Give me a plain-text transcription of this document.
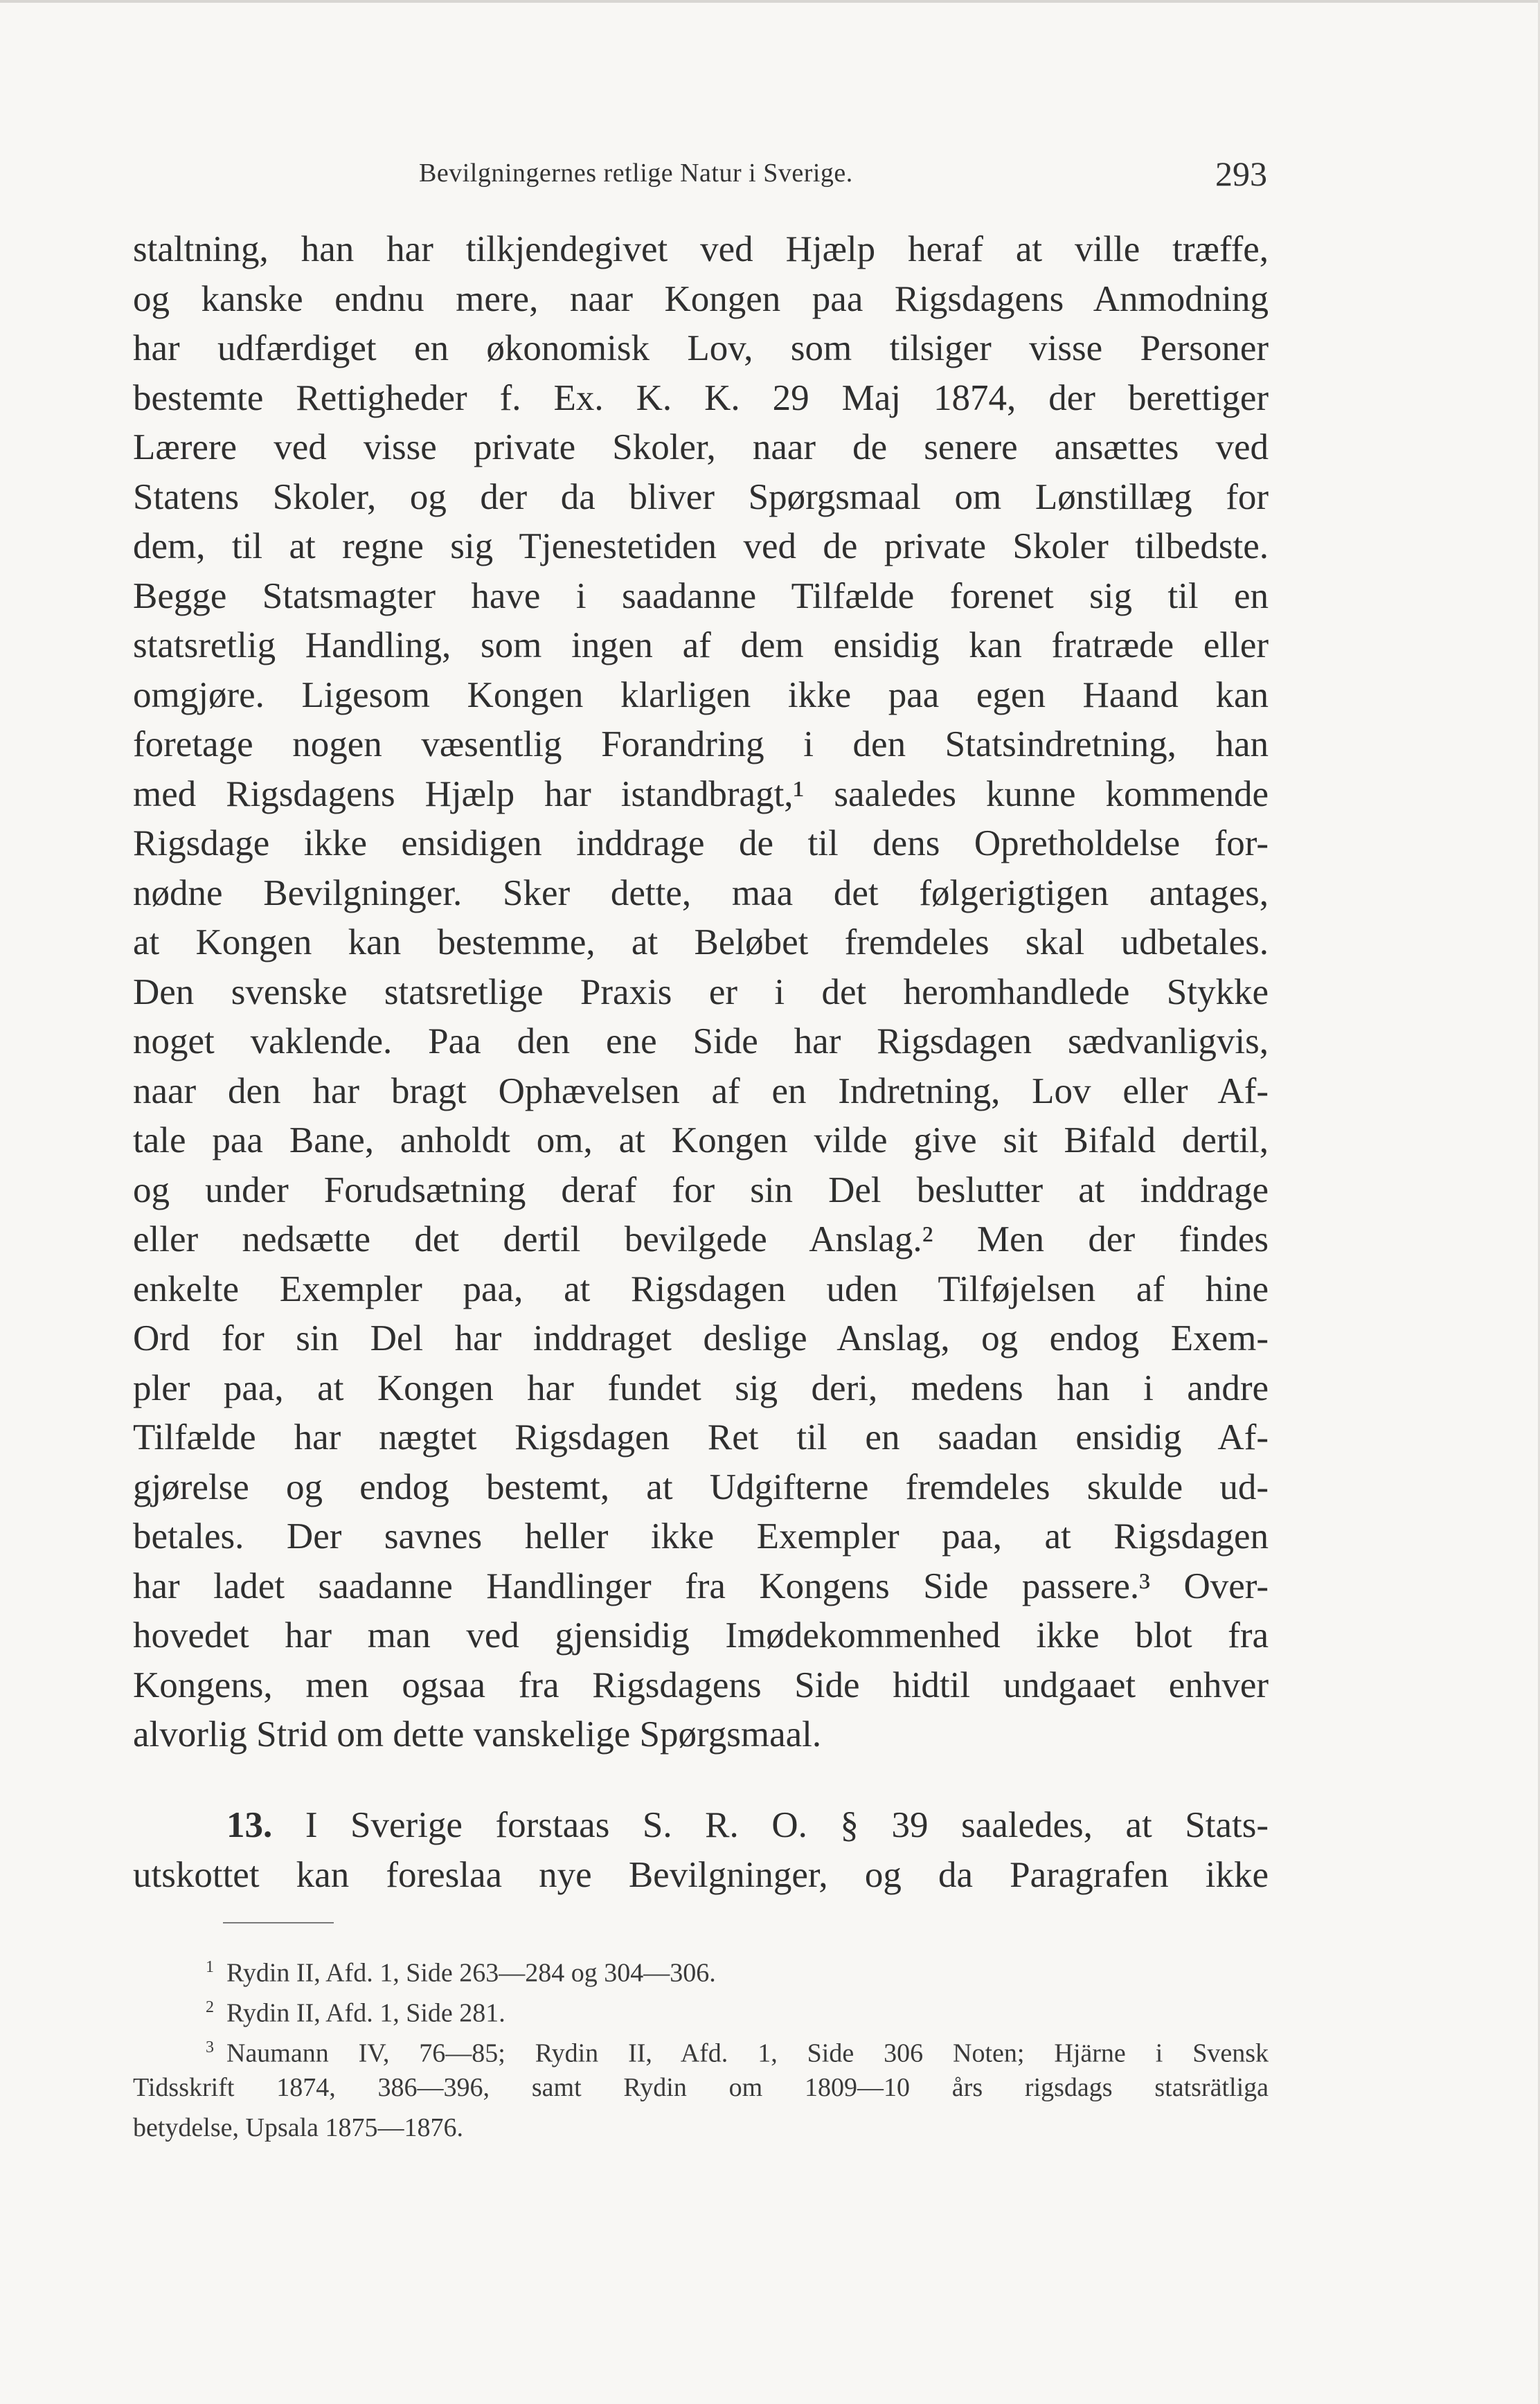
Bevilgningernes retlige Natur i Sverige.	293
staltning, han har tilkjendegivet ved Hjælp heraf at ville træffe,
og kanske endnu mere, naar Kongen paa Rigsdagens Anmodning
har udfærdiget en økonomisk Lov, som tilsiger visse Personer
bestemte Rettigheder f. Ex. K. K. 29 Maj 1874, der berettiger
Lærere ved visse private Skoler, naar de senere ansættes ved
Statens Skoler, og der da bliver Spørgsmaal om Lønstillæg for
dem, til at regne sig Tjenestetiden ved de private Skoler tilbedste.
Begge Statsmagter have i saadanne Tilfælde forenet sig til en
statsretlig Handling, som ingen af dem ensidig kan fratræde eller
omgjøre. Ligesom Kongen klarligen ikke paa egen Haand kan
foretage nogen væsentlig Forandring i den Statsindretning, han
med Rigsdagens Hjælp har istandbragt,¹ saaledes kunne kommende
Rigsdage ikke ensidigen inddrage de til dens Opretholdelse for-
nødne Bevilgninger. Sker dette, maa det følgerigtigen antages,
at Kongen kan bestemme, at Beløbet fremdeles skal udbetales.
Den svenske statsretlige Praxis er i det heromhandlede Stykke
noget vaklende. Paa den ene Side har Rigsdagen sædvanligvis,
naar den har bragt Ophævelsen af en Indretning, Lov eller Af-
tale paa Bane, anholdt om, at Kongen vilde give sit Bifald dertil,
og under Forudsætning deraf for sin Del beslutter at inddrage
eller nedsætte det dertil bevilgede Anslag.² Men der findes
enkelte Exempler paa, at Rigsdagen uden Tilføjelsen af hine
Ord for sin Del har inddraget deslige Anslag, og endog Exem-
pler paa, at Kongen har fundet sig deri, medens han i andre
Tilfælde har nægtet Rigsdagen Ret til en saadan ensidig Af-
gjørelse og endog bestemt, at Udgifterne fremdeles skulde ud-
betales. Der savnes heller ikke Exempler paa, at Rigsdagen
har ladet saadanne Handlinger fra Kongens Side passere.³ Over-
hovedet har man ved gjensidig Imødekommenhed ikke blot fra
Kongens, men ogsaa fra Rigsdagens Side hidtil undgaaet enhver
alvorlig Strid om dette vanskelige Spørgsmaal.
13. I Sverige forstaas S. R. O. § 39 saaledes, at Stats-
utskottet kan foreslaa nye Bevilgninger, og da Paragrafen ikke
1 Rydin II, Afd. 1, Side 263—284 og 304—306.
2 Rydin II, Afd. 1, Side 281.
3 Naumann IV, 76—85; Rydin II, Afd. 1, Side 306 Noten; Hjärne i Svensk
Tidsskrift 1874, 386—396, samt Rydin om 1809—10 års rigsdags statsrätliga
betydelse, Upsala 1875—1876.
